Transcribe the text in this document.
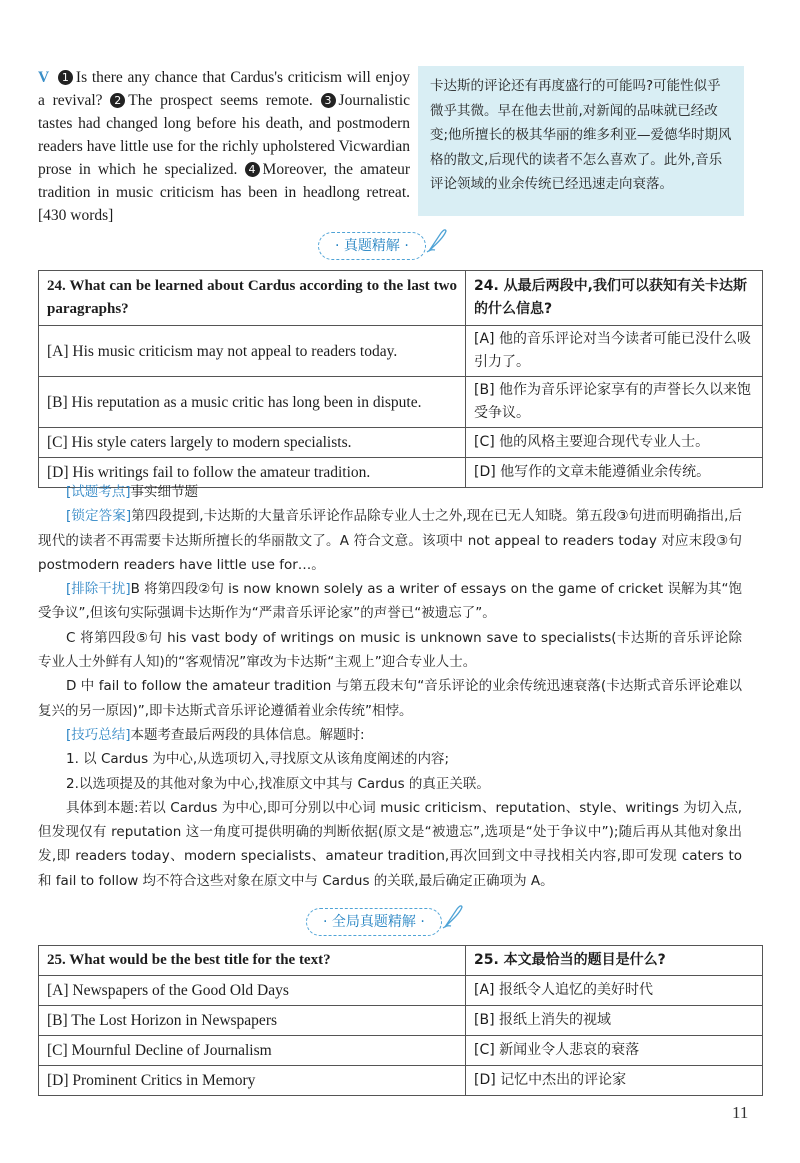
V 1 Is there any chance that Cardus's criticism will enjoy a revival? 2 The prospect seems remote. 3 Journalistic tastes had changed long before his death, and postmodern readers have little use for the richly upholstered Vicwardian prose in which he specialized. 4 Moreover, the amateur tradition in music criticism has been in headlong retreat. [430 words]
卡达斯的评论还有再度盛行的可能吗?可能性似乎微乎其微。早在他去世前,对新闻的品味就已经改变;他所擅长的极其华丽的维多利亚—爱德华时期风格的散文,后现代的读者不怎么喜欢了。此外,音乐评论领域的业余传统已经迅速走向衰落。
· 真题精解 ·
24. What can be learned about Cardus according to the last two paragraphs?	24. 从最后两段中,我们可以获知有关卡达斯的什么信息?
[A] His music criticism may not appeal to readers today.	[A] 他的音乐评论对当今读者可能已没什么吸引力了。
[B] His reputation as a music critic has long been in dispute.	[B] 他作为音乐评论家享有的声誉长久以来饱受争议。
[C] His style caters largely to modern specialists.	[C] 他的风格主要迎合现代专业人士。
[D] His writings fail to follow the amateur tradition.	[D] 他写作的文章未能遵循业余传统。

[试题考点]事实细节题

[锁定答案]第四段提到,卡达斯的大量音乐评论作品除专业人士之外,现在已无人知晓。第五段③句进而明确指出,后现代的读者不再需要卡达斯所擅长的华丽散文了。A 符合文意。该项中 not appeal to readers today 对应末段③句 postmodern readers have little use for…。

[排除干扰]B 将第四段②句 is now known solely as a writer of essays on the game of cricket 误解为其“饱受争议”,但该句实际强调卡达斯作为“严肃音乐评论家”的声誉已“被遗忘了”。

C 将第四段⑤句 his vast body of writings on music is unknown save to specialists(卡达斯的音乐评论除专业人士外鲜有人知)的“客观情况”窜改为卡达斯“主观上”迎合专业人士。

D 中 fail to follow the amateur tradition 与第五段末句“音乐评论的业余传统迅速衰落(卡达斯式音乐评论难以复兴的另一原因)”,即卡达斯式音乐评论遵循着业余传统”相悖。

[技巧总结]本题考查最后两段的具体信息。解题时:

1. 以 Cardus 为中心,从选项切入,寻找原文从该角度阐述的内容;

2.以选项提及的其他对象为中心,找准原文中其与 Cardus 的真正关联。

具体到本题:若以 Cardus 为中心,即可分别以中心词 music criticism、reputation、style、writings 为切入点,但发现仅有 reputation 这一角度可提供明确的判断依据(原文是“被遗忘”,选项是“处于争议中”);随后再从其他对象出发,即 readers today、modern specialists、amateur tradition,再次回到文中寻找相关内容,即可发现 caters to 和 fail to follow 均不符合这些对象在原文中与 Cardus 的关联,最后确定正确项为 A。

· 全局真题精解 ·
25. What would be the best title for the text?	25. 本文最恰当的题目是什么?
[A] Newspapers of the Good Old Days	[A] 报纸令人追忆的美好时代
[B] The Lost Horizon in Newspapers	[B] 报纸上消失的视域
[C] Mournful Decline of Journalism	[C] 新闻业令人悲哀的衰落
[D] Prominent Critics in Memory	[D] 记忆中杰出的评论家
11
